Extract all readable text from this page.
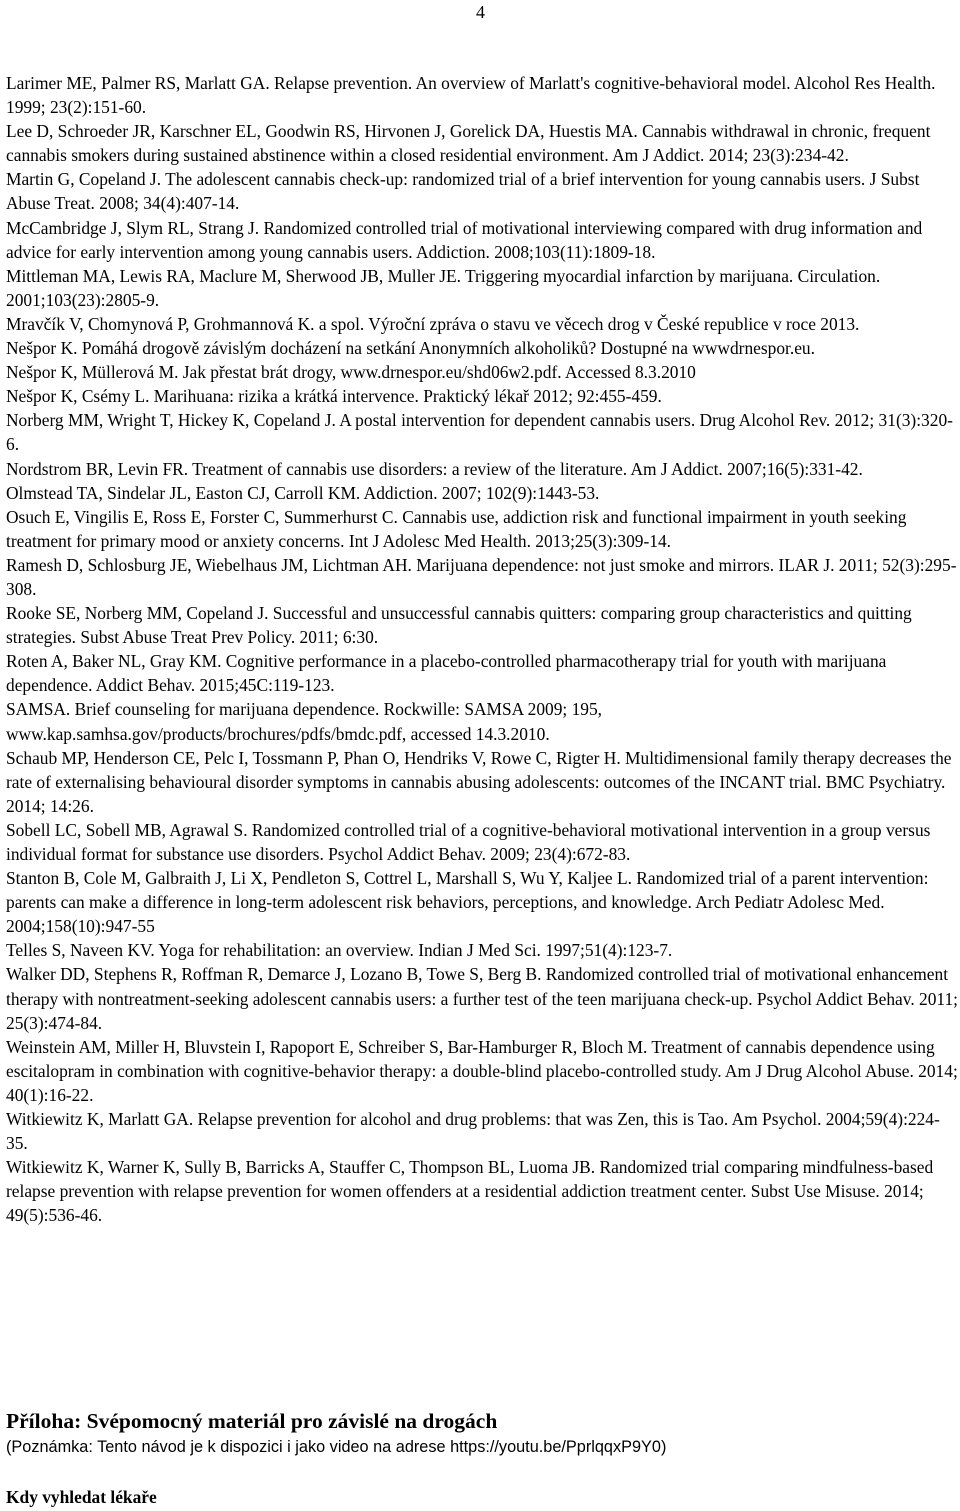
4
Larimer ME, Palmer RS, Marlatt GA. Relapse prevention. An overview of Marlatt's cognitive-behavioral model. Alcohol Res Health. 1999; 23(2):151-60.
Lee D, Schroeder JR, Karschner EL, Goodwin RS, Hirvonen J, Gorelick DA, Huestis MA. Cannabis withdrawal in chronic, frequent cannabis smokers during sustained abstinence within a closed residential environment. Am J Addict. 2014; 23(3):234-42.
Martin G, Copeland J. The adolescent cannabis check-up: randomized trial of a brief intervention for young cannabis users. J Subst Abuse Treat. 2008; 34(4):407-14.
McCambridge J, Slym RL, Strang J. Randomized controlled trial of motivational interviewing compared with drug information and advice for early intervention among young cannabis users. Addiction. 2008;103(11):1809-18.
Mittleman MA, Lewis RA, Maclure M, Sherwood JB, Muller JE. Triggering myocardial infarction by marijuana. Circulation. 2001;103(23):2805-9.
Mravčík V, Chomynová P, Grohmannová K. a spol. Výroční zpráva o stavu ve věcech drog v České republice v roce 2013.
Nešpor K. Pomáhá drogově závislým docházení na setkání Anonymních alkoholiků? Dostupné na wwwdrnespor.eu.
Nešpor K, Müllerová M. Jak přestat brát drogy, www.drnespor.eu/shd06w2.pdf. Accessed 8.3.2010
Nešpor K, Csémy L. Marihuana: rizika a krátká intervence. Praktický lékař 2012; 92:455-459.
Norberg MM, Wright T, Hickey K, Copeland J. A postal intervention for dependent cannabis users. Drug Alcohol Rev. 2012; 31(3):320-6.
Nordstrom BR, Levin FR. Treatment of cannabis use disorders: a review of the literature. Am J Addict. 2007;16(5):331-42.
Olmstead TA, Sindelar JL, Easton CJ, Carroll KM. Addiction. 2007; 102(9):1443-53.
Osuch E, Vingilis E, Ross E, Forster C, Summerhurst C. Cannabis use, addiction risk and functional impairment in youth seeking treatment for primary mood or anxiety concerns. Int J Adolesc Med Health. 2013;25(3):309-14.
Ramesh D, Schlosburg JE, Wiebelhaus JM, Lichtman AH. Marijuana dependence: not just smoke and mirrors. ILAR J. 2011; 52(3):295-308.
Rooke SE, Norberg MM, Copeland J. Successful and unsuccessful cannabis quitters: comparing group characteristics and quitting strategies. Subst Abuse Treat Prev Policy. 2011; 6:30.
Roten A, Baker NL, Gray KM. Cognitive performance in a placebo-controlled pharmacotherapy trial for youth with marijuana dependence. Addict Behav. 2015;45C:119-123.
SAMSA. Brief counseling for marijuana dependence. Rockwille: SAMSA 2009; 195, www.kap.samhsa.gov/products/brochures/pdfs/bmdc.pdf, accessed 14.3.2010.
Schaub MP, Henderson CE, Pelc I, Tossmann P, Phan O, Hendriks V, Rowe C, Rigter H. Multidimensional family therapy decreases the rate of externalising behavioural disorder symptoms in cannabis abusing adolescents: outcomes of the INCANT trial. BMC Psychiatry. 2014; 14:26.
Sobell LC, Sobell MB, Agrawal S. Randomized controlled trial of a cognitive-behavioral motivational intervention in a group versus individual format for substance use disorders. Psychol Addict Behav. 2009; 23(4):672-83.
Stanton B, Cole M, Galbraith J, Li X, Pendleton S, Cottrel L, Marshall S, Wu Y, Kaljee L. Randomized trial of a parent intervention: parents can make a difference in long-term adolescent risk behaviors, perceptions, and knowledge. Arch Pediatr Adolesc Med. 2004;158(10):947-55
Telles S, Naveen KV. Yoga for rehabilitation: an overview. Indian J Med Sci. 1997;51(4):123-7.
Walker DD, Stephens R, Roffman R, Demarce J, Lozano B, Towe S, Berg B. Randomized controlled trial of motivational enhancement therapy with nontreatment-seeking adolescent cannabis users: a further test of the teen marijuana check-up. Psychol Addict Behav. 2011; 25(3):474-84.
Weinstein AM, Miller H, Bluvstein I, Rapoport E, Schreiber S, Bar-Hamburger R, Bloch M. Treatment of cannabis dependence using escitalopram in combination with cognitive-behavior therapy: a double-blind placebo-controlled study. Am J Drug Alcohol Abuse. 2014; 40(1):16-22.
Witkiewitz K, Marlatt GA. Relapse prevention for alcohol and drug problems: that was Zen, this is Tao. Am Psychol. 2004;59(4):224-35.
Witkiewitz K, Warner K, Sully B, Barricks A, Stauffer C, Thompson BL, Luoma JB. Randomized trial comparing mindfulness-based relapse prevention with relapse prevention for women offenders at a residential addiction treatment center. Subst Use Misuse. 2014; 49(5):536-46.
Příloha: Svépomocný materiál pro závislé na drogách

(Poznámka: Tento návod je k dispozici i jako video na adrese https://youtu.be/PprlqqxP9Y0)

Kdy vyhledat lékaře
